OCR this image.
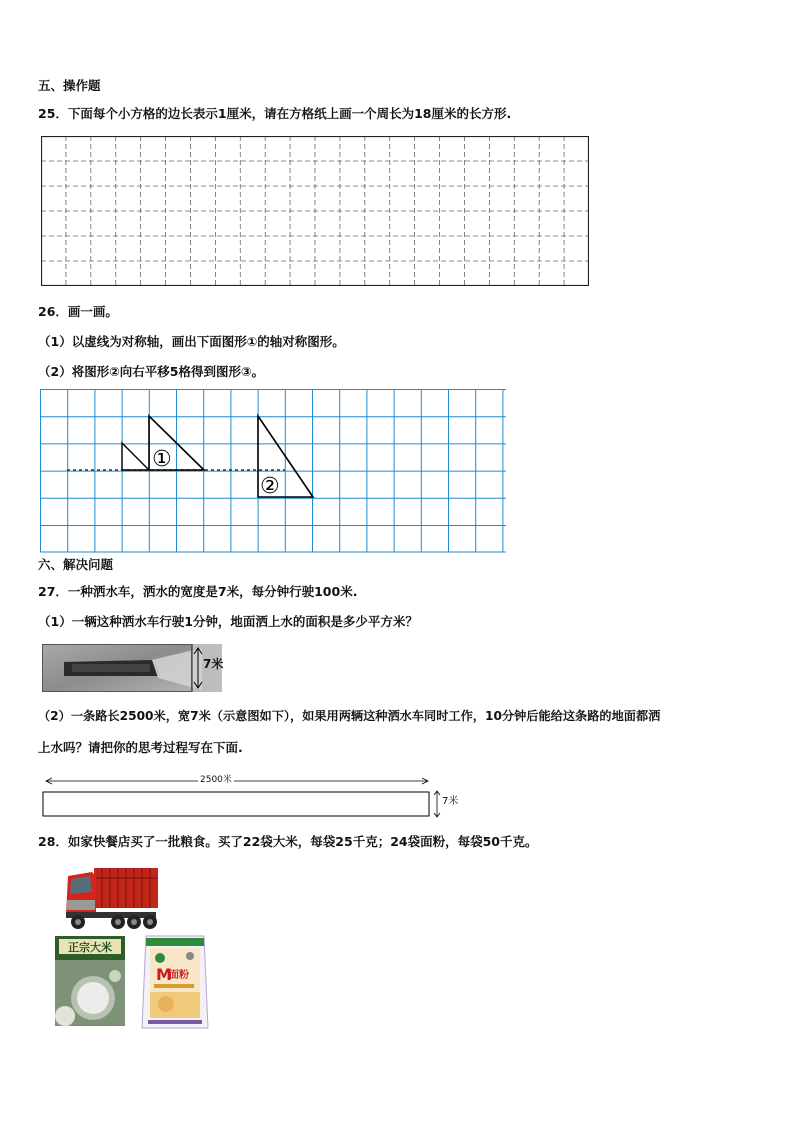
五、操作题
25．下面每个小方格的边长表示1厘米，请在方格纸上画一个周长为18厘米的长方形.
26．画一画。
（1）以虚线为对称轴，画出下面图形①的轴对称图形。
（2）将图形②向右平移5格得到图形③。
①
②
六、解决问题
27．一种洒水车，洒水的宽度是7米，每分钟行驶100米.
（1）一辆这种洒水车行驶1分钟，地面洒上水的面积是多少平方米？
7米
（2）一条路长2500米，宽7米（示意图如下），如果用两辆这种洒水车同时工作，10分钟后能给这条路的地面都洒
上水吗？请把你的思考过程写在下面.
2500米
7米
28．如家快餐店买了一批粮食。买了22袋大米，每袋25千克；24袋面粉，每袋50千克。
正宗大米
M
面粉
